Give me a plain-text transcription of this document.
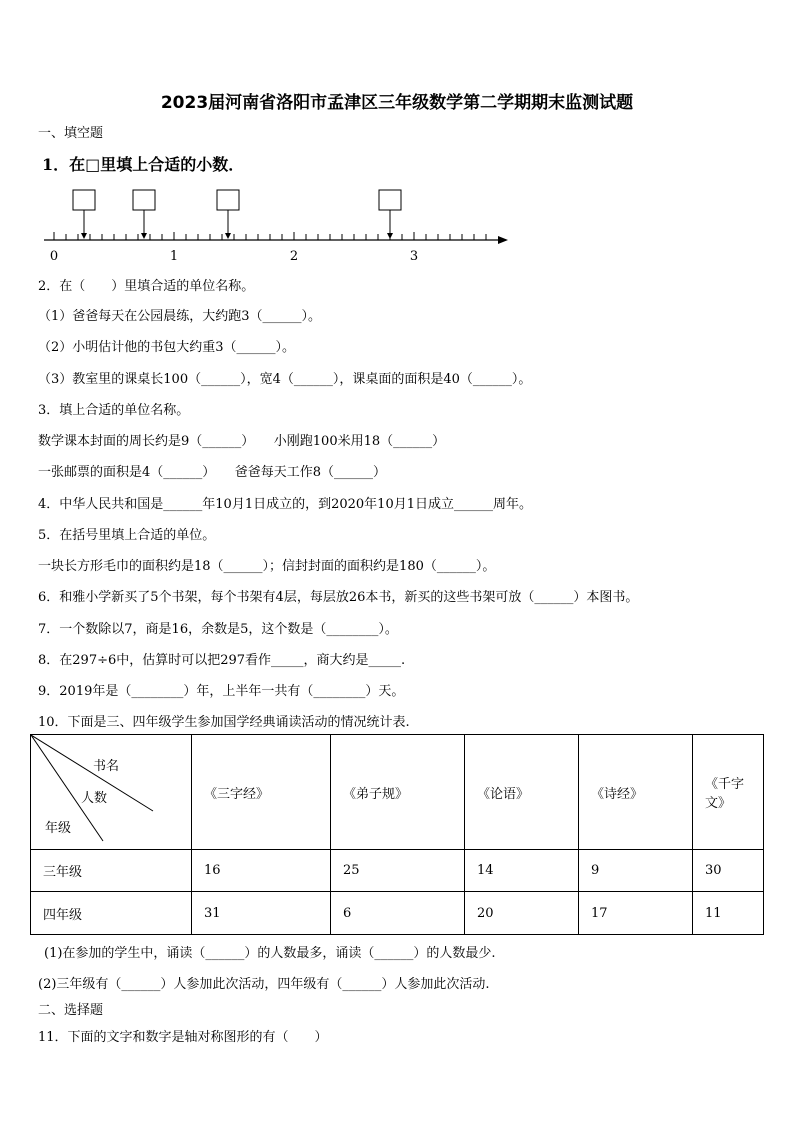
2023届河南省洛阳市孟津区三年级数学第二学期期末监测试题
一、填空题
1．在□里填上合适的小数．
0	1	2	3
2．在（　　）里填合适的单位名称。
（1）爸爸每天在公园晨练，大约跑3（______）。
（2）小明估计他的书包大约重3（______）。
（3）教室里的课桌长100（______），宽4（______），课桌面的面积是40（______）。
3．填上合适的单位名称。
数学课本封面的周长约是9（______）　　小刚跑100米用18（______）
一张邮票的面积是4（______）　　爸爸每天工作8（______）
4．中华人民共和国是______年10月1日成立的，到2020年10月1日成立______周年。
5．在括号里填上合适的单位。
一块长方形毛巾的面积约是18（______）；信封封面的面积约是180（______）。
6．和雅小学新买了5个书架，每个书架有4层，每层放26本书，新买的这些书架可放（______）本图书。
7．一个数除以7，商是16，余数是5，这个数是（________）。
8．在297÷6中，估算时可以把297看作_____，商大约是_____.
9．2019年是（________）年，上半年一共有（________）天。
10．下面是三、四年级学生参加国学经典诵读活动的情况统计表.
书名
人数
年级	《三字经》	《弟子规》	《论语》	《诗经》	《千字文》
三年级	16	25	14	9	30
四年级	31	6	20	17	11
(1)在参加的学生中，诵读（______）的人数最多，诵读（______）的人数最少.
(2)三年级有（______）人参加此次活动，四年级有（______）人参加此次活动.
二、选择题
11．下面的文字和数字是轴对称图形的有（　　）
